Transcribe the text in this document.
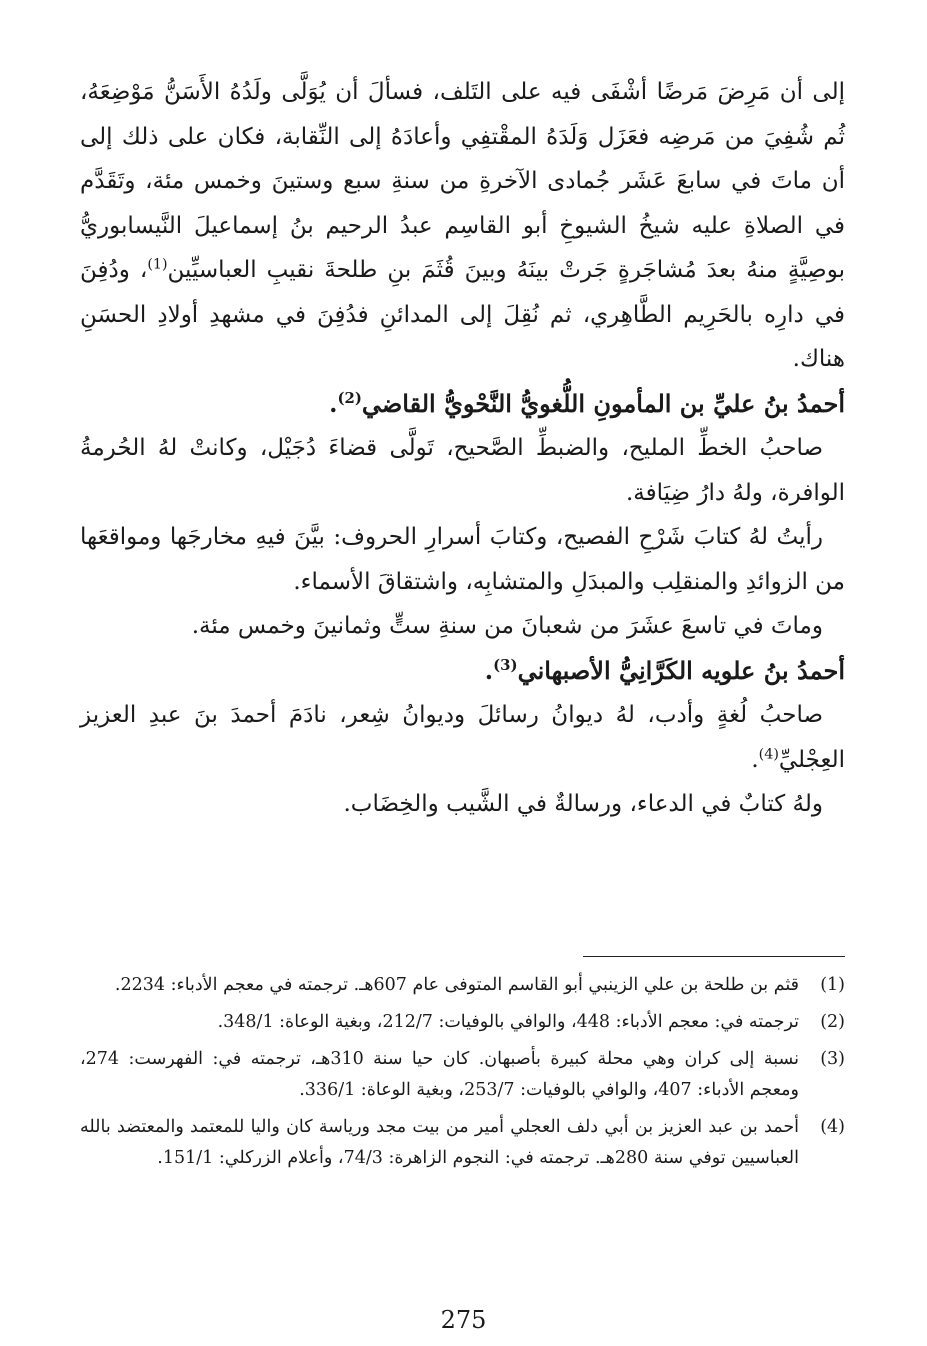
إلى أن مَرِضَ مَرضًا أشْفَى فيه على التَلف، فسألَ أن يُوَلَّى ولَدُهُ الأَسَنُّ مَوْضِعَهُ، ثُم شُفِيَ من مَرضِه فعَزَل وَلَدَهُ المقْتفِي وأعادَهُ إلى النِّقابة، فكان على ذلك إلى أن ماتَ في سابعَ عَشَر جُمادى الآخرةِ من سنةِ سبع وستينَ وخمس مئة، وتَقَدَّم في الصلاةِ عليه شيخُ الشيوخِ أبو القاسِم عبدُ الرحيم بنُ إسماعيلَ النَّيسابوريُّ بوصِيَّةٍ منهُ بعدَ مُشاجَرةٍ جَرتْ بينَهُ وبينَ قُثَمَ بنِ طلحةَ نقيبِ العباسيِّين$^{(1)}$، ودُفِنَ في دارِه بالحَرِيم الطَّاهِري، ثم نُقِلَ إلى المدائنِ فدُفِنَ في مشهدِ أولادِ الحسَنِ هناك.

أحمدُ بنُ عليِّ بن المأمونِ اللُّغويُّ النَّحْويُّ القاضي$^{(2)}$.

صاحبُ الخطِّ المليح، والضبطِّ الصَّحيح، تَولَّى قضاءَ دُجَيْل، وكانتْ لهُ الحُرمةُ الوافرة، ولهُ دارُ ضِيَافة.

رأيتُ لهُ كتابَ شَرْحِ الفصيح، وكتابَ أسرارِ الحروف: بيَّنَ فيهِ مخارجَها ومواقعَها من الزوائدِ والمنقلِب والمبدَلِ والمتشابِه، واشتقاقَ الأسماء.

وماتَ في تاسعَ عشَرَ من شعبانَ من سنةِ ستٍّ وثمانينَ وخمس مئة.

أحمدُ بنُ علويه الكَرَّانِيُّ الأصبهاني$^{(3)}$.

صاحبُ لُغةٍ وأدب، لهُ ديوانُ رسائلَ وديوانُ شِعر، نادَمَ أحمدَ بنَ عبدِ العزيز العِجْليِّ$^{(4)}$.

ولهُ كتابٌ في الدعاء، ورسالةٌ في الشَّيب والخِضَاب.

(1)
قثم بن طلحة بن علي الزينبي أبو القاسم المتوفى عام 607هـ. ترجمته في معجم الأدباء: 2234.
(2)
ترجمته في: معجم الأدباء: 448، والوافي بالوفيات: 212/7، وبغية الوعاة: 348/1.
(3)
نسبة إلى كران وهي محلة كبيرة بأصبهان. كان حيا سنة 310هـ، ترجمته في: الفهرست: 274، ومعجم الأدباء: 407، والوافي بالوفيات: 253/7، وبغية الوعاة: 336/1.
(4)
أحمد بن عبد العزيز بن أبي دلف العجلي أمير من بيت مجد ورياسة كان واليا للمعتمد والمعتضد بالله العباسيين توفي سنة 280هـ. ترجمته في: النجوم الزاهرة: 74/3، وأعلام الزركلي: 151/1.
275
